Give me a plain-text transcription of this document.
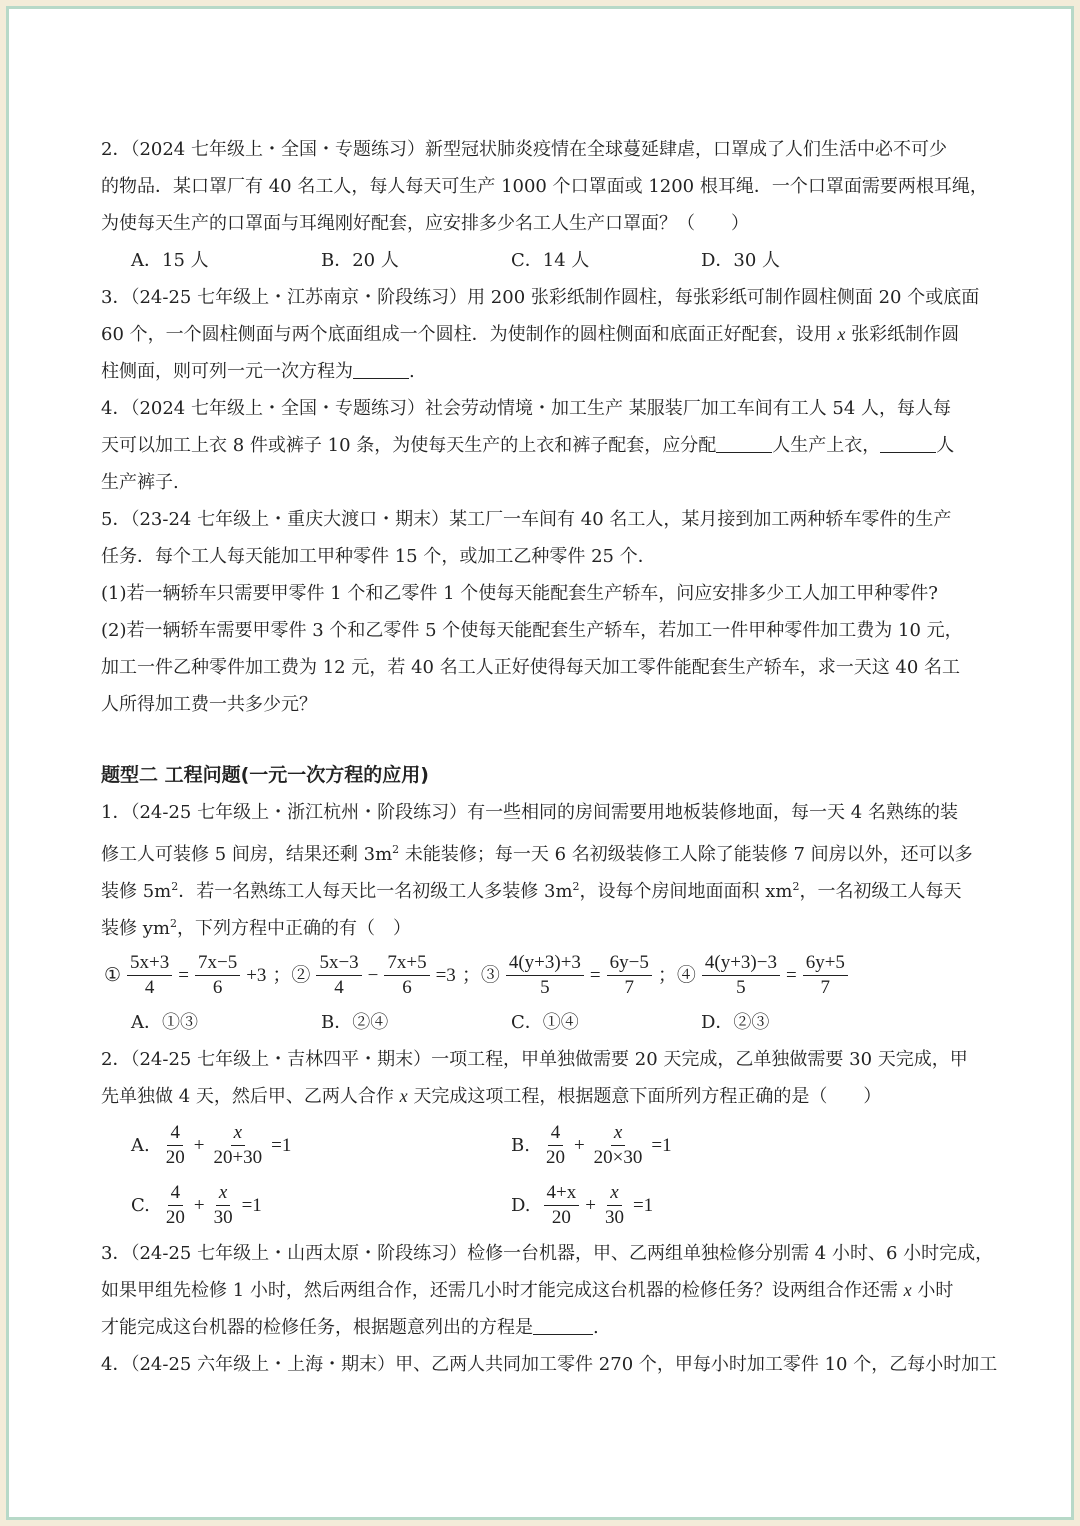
2．（2024 七年级上・全国・专题练习）新型冠状肺炎疫情在全球蔓延肆虐，口罩成了人们生活中必不可少
的物品．某口罩厂有 40 名工人，每人每天可生产 1000 个口罩面或 1200 根耳绳．一个口罩面需要两根耳绳，
为使每天生产的口罩面与耳绳刚好配套，应安排多少名工人生产口罩面？（　　）
A．15 人	B．20 人	C．14 人	D．30 人
3．（24-25 七年级上・江苏南京・阶段练习）用 200 张彩纸制作圆柱，每张彩纸可制作圆柱侧面 20 个或底面
60 个，一个圆柱侧面与两个底面组成一个圆柱．为使制作的圆柱侧面和底面正好配套，设用 x 张彩纸制作圆
柱侧面，则可列一元一次方程为	.
4．（2024 七年级上・全国・专题练习）社会劳动情境・加工生产 某服装厂加工车间有工人 54 人，每人每
天可以加工上衣 8 件或裤子 10 条，为使每天生产的上衣和裤子配套，应分配	人生产上衣，	人
生产裤子.
5．（23-24 七年级上・重庆大渡口・期末）某工厂一车间有 40 名工人，某月接到加工两种轿车零件的生产
任务．每个工人每天能加工甲种零件 15 个，或加工乙种零件 25 个．
(1)若一辆轿车只需要甲零件 1 个和乙零件 1 个使每天能配套生产轿车，问应安排多少工人加工甲种零件?
(2)若一辆轿车需要甲零件 3 个和乙零件 5 个使每天能配套生产轿车，若加工一件甲种零件加工费为 10 元，
加工一件乙种零件加工费为 12 元，若 40 名工人正好使得每天加工零件能配套生产轿车，求一天这 40 名工
人所得加工费一共多少元？
题型二 工程问题(一元一次方程的应用)
1．（24-25 七年级上・浙江杭州・阶段练习）有一些相同的房间需要用地板装修地面，每一天 4 名熟练的装
修工人可装修 5 间房，结果还剩 $3m^2$ 未能装修；每一天 6 名初级装修工人除了能装修 7 间房以外，还可以多
装修 $5m^2$．若一名熟练工人每天比一名初级工人多装修 $3m^2$，设每个房间地面面积 $xm^2$，一名初级工人每天
装修 $ym^2$，下列方程中正确的有（　）
① $\frac{5x+3}{4} = \frac{7x-5}{6} +3$ ；② $\frac{5x-3}{4} - \frac{7x+5}{6} =3$ ；③ $\frac{4(y+3)+3}{5} = \frac{6y-5}{7}$ ；④ $\frac{4(y+3)-3}{5} = \frac{6y+5}{7}$
A．①③	B．②④	C．①④	D．②③
2．（24-25 七年级上・吉林四平・期末）一项工程，甲单独做需要 20 天完成，乙单独做需要 30 天完成，甲
先单独做 4 天，然后甲、乙两人合作 x 天完成这项工程，根据题意下面所列方程正确的是（　　）
A. $\frac{4}{20} + \frac{x}{20+30} =1$	B. $\frac{4}{20} + \frac{x}{20\times 30} =1$
C. $\frac{4}{20} + \frac{x}{30} =1$	D. $\frac{4+x}{20} + \frac{x}{30} =1$
3．（24-25 七年级上・山西太原・阶段练习）检修一台机器，甲、乙两组单独检修分别需 4 小时、6 小时完成，
如果甲组先检修 1 小时，然后两组合作，还需几小时才能完成这台机器的检修任务？设两组合作还需 x 小时
才能完成这台机器的检修任务，根据题意列出的方程是	.
4．（24-25 六年级上・上海・期末）甲、乙两人共同加工零件 270 个，甲每小时加工零件 10 个，乙每小时加工
